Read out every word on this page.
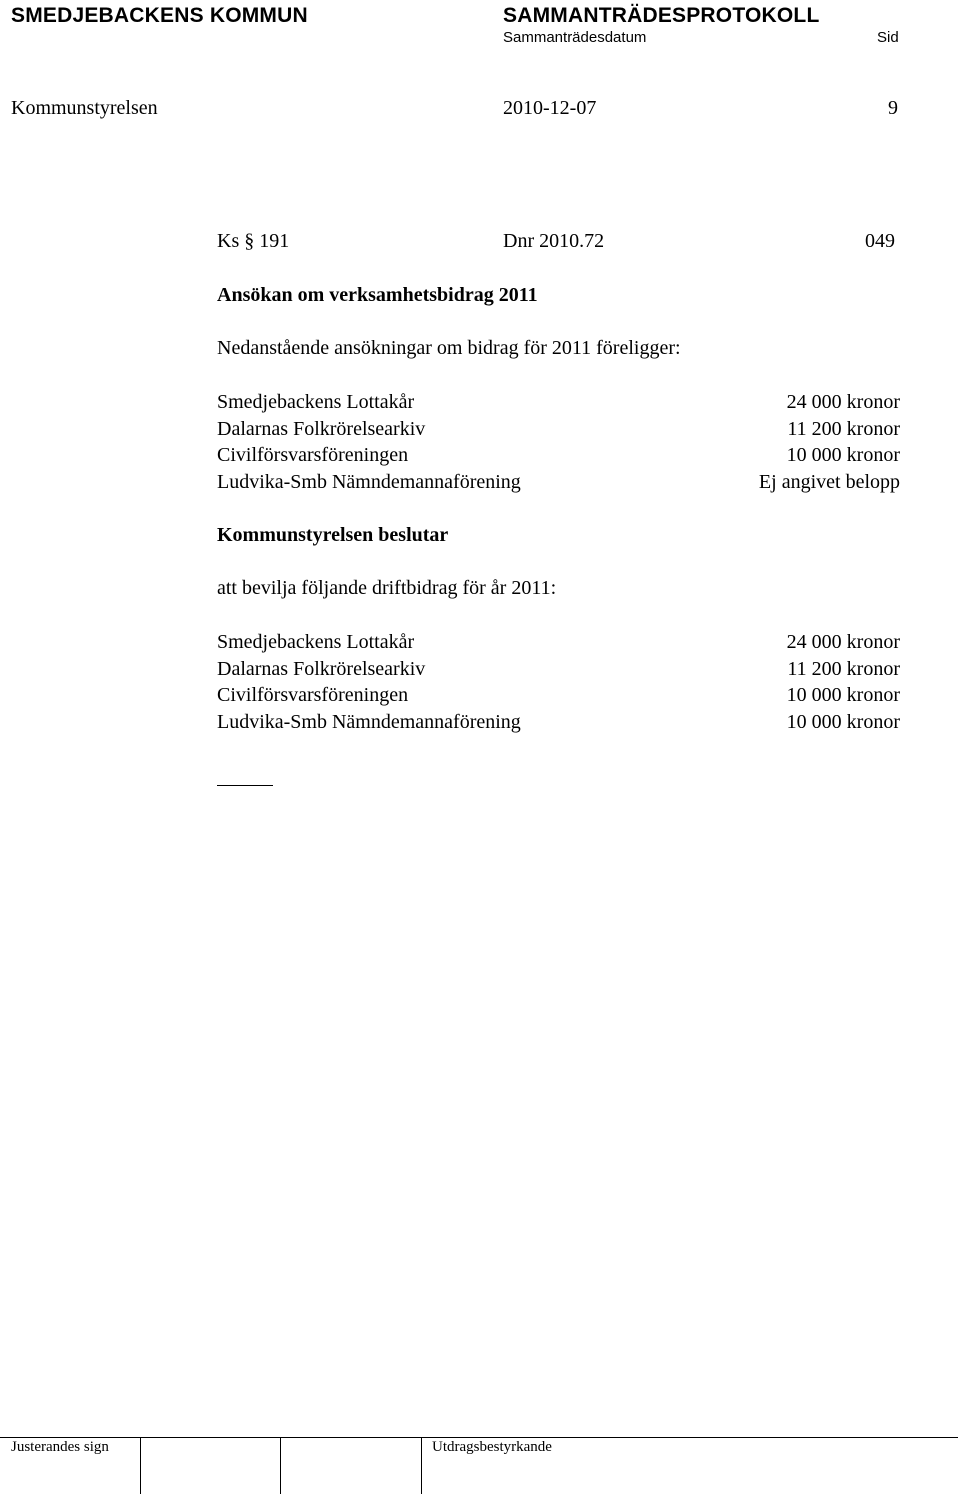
SMEDJEBACKENS KOMMUN	SAMMANTRÄDESPROTOKOLL
Sammanträdesdatum	Sid
Kommunstyrelsen	2010-12-07	9
Ks § 191	Dnr 2010.72	049
Ansökan om verksamhetsbidrag 2011
Nedanstående ansökningar om bidrag för 2011 föreligger:
Smedjebackens Lottakår	24 000 kronor
Dalarnas Folkrörelsearkiv	11 200 kronor
Civilförsvarsföreningen	10 000 kronor
Ludvika-Smb Nämndemannaförening	Ej angivet belopp
Kommunstyrelsen beslutar
att bevilja följande driftbidrag för år 2011:
Smedjebackens Lottakår	24 000 kronor
Dalarnas Folkrörelsearkiv	11 200 kronor
Civilförsvarsföreningen	10 000 kronor
Ludvika-Smb Nämndemannaförening	10 000 kronor
Justerandes sign	Utdragsbestyrkande
